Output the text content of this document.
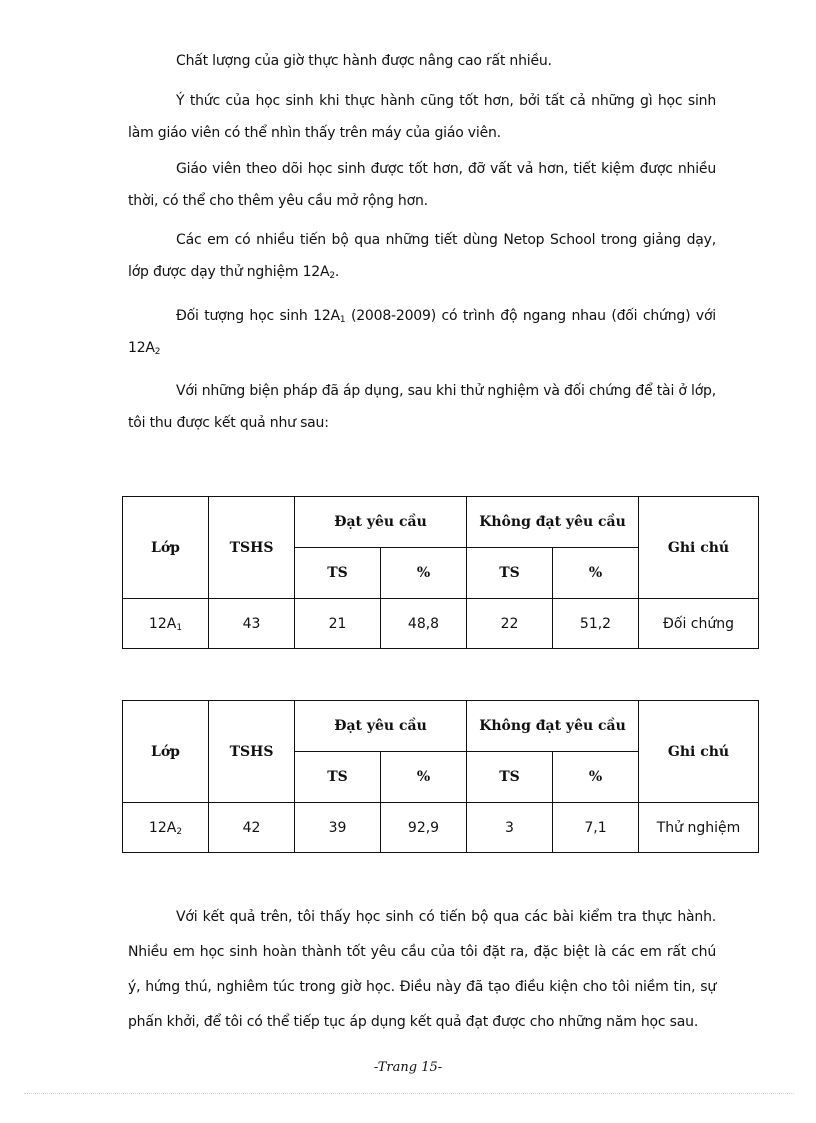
Chất lượng của giờ thực hành được nâng cao rất nhiều.

Ý thức của học sinh khi thực hành cũng tốt hơn, bởi tất cả những gì học sinh làm giáo viên có thể nhìn thấy trên máy của giáo viên.

Giáo viên theo dõi học sinh được tốt hơn, đỡ vất vả hơn, tiết kiệm được nhiều thời, có thể cho thêm yêu cầu mở rộng hơn.

Các em có nhiều tiến bộ qua những tiết dùng Netop School trong giảng dạy, lớp được dạy thử nghiệm $12A_2$.

Đối tượng học $\sinh 12A_1$ (2008-2009) có trình độ ngang nhau (đối chứng) với $12A_2$

Với những biện pháp đã áp dụng, sau khi thử nghiệm và đối chứng để tài ở lớp, tôi thu được kết quả như sau:

Lớp	TSHS	Đạt yêu cầu		Không đạt yêu cầu		Ghi chú
		TS	%	TS	%	
$12A_1$	43	21	48,8	22	51,2	Đối chứng
Lớp	TSHS	Đạt yêu cầu		Không đạt yêu cầu		Ghi chú
		TS	%	TS	%	
$12A_2$	42	39	92,9	3	7,1	Thử nghiệm

Với kết quả trên, tôi thấy học sinh có tiến bộ qua các bài kiểm tra thực hành. Nhiều em học sinh hoàn thành tốt yêu cầu của tôi đặt ra, đặc biệt là các em rất chú ý, hứng thú, nghiêm túc trong giờ học. Điều này đã tạo điều kiện cho tôi niềm tin, sự phấn khởi, để tôi có thể tiếp tục áp dụng kết quả đạt được cho những năm học sau.

-Trang 15-
